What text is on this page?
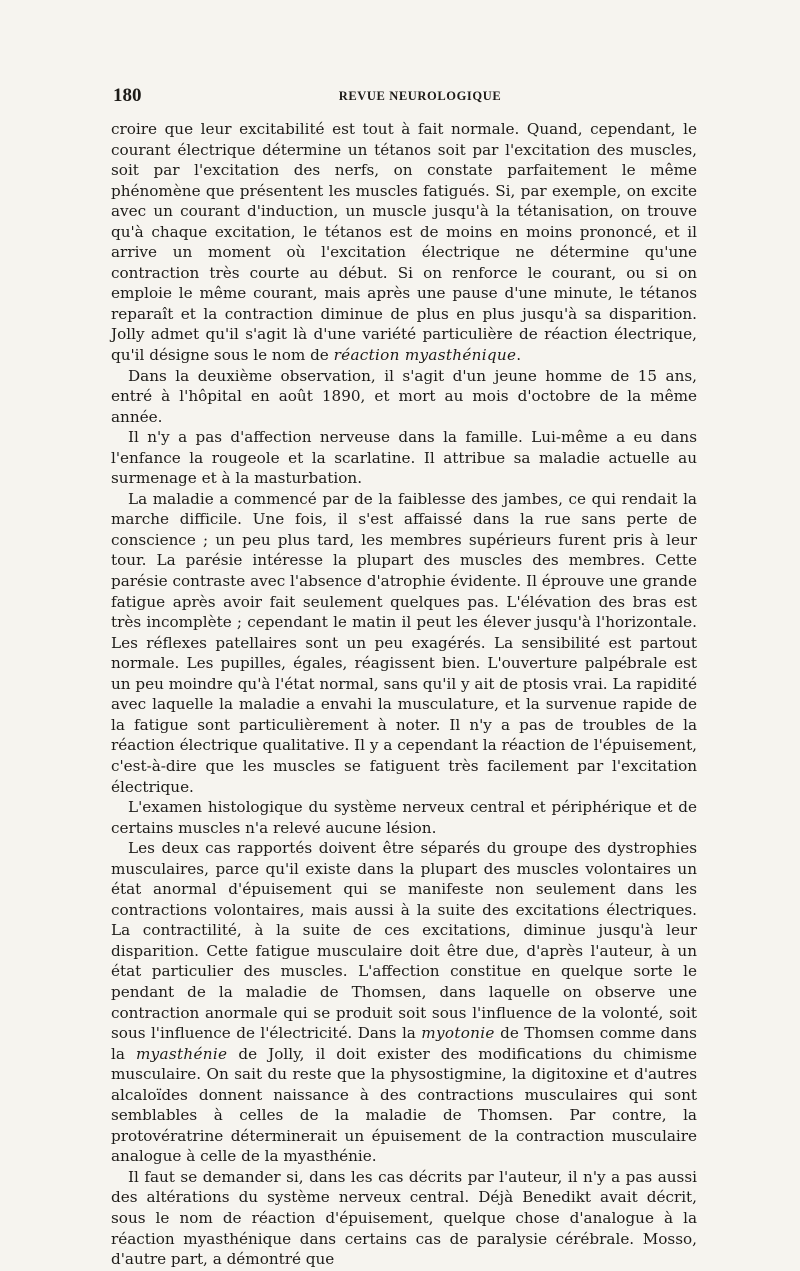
180	REVUE NEUROLOGIQUE

croire que leur excitabilité est tout à fait normale. Quand, cependant, le courant électrique détermine un tétanos soit par l'excitation des muscles, soit par l'excitation des nerfs, on constate parfaitement le même phénomène que présentent les muscles fatigués. Si, par exemple, on excite avec un courant d'induction, un muscle jusqu'à la tétanisation, on trouve qu'à chaque excitation, le tétanos est de moins en moins prononcé, et il arrive un moment où l'excitation électrique ne détermine qu'une contraction très courte au début. Si on renforce le courant, ou si on emploie le même courant, mais après une pause d'une minute, le tétanos reparaît et la contraction diminue de plus en plus jusqu'à sa disparition. Jolly admet qu'il s'agit là d'une variété particulière de réaction électrique, qu'il désigne sous le nom de réaction myasthénique.

Dans la deuxième observation, il s'agit d'un jeune homme de 15 ans, entré à l'hôpital en août 1890, et mort au mois d'octobre de la même année.

Il n'y a pas d'affection nerveuse dans la famille. Lui-même a eu dans l'enfance la rougeole et la scarlatine. Il attribue sa maladie actuelle au surmenage et à la masturbation.

La maladie a commencé par de la faiblesse des jambes, ce qui rendait la marche difficile. Une fois, il s'est affaissé dans la rue sans perte de conscience ; un peu plus tard, les membres supérieurs furent pris à leur tour. La parésie intéresse la plupart des muscles des membres. Cette parésie contraste avec l'absence d'atrophie évidente. Il éprouve une grande fatigue après avoir fait seulement quelques pas. L'élévation des bras est très incomplète ; cependant le matin il peut les élever jusqu'à l'horizontale. Les réflexes patellaires sont un peu exagérés. La sensibilité est partout normale. Les pupilles, égales, réagissent bien. L'ouverture palpébrale est un peu moindre qu'à l'état normal, sans qu'il y ait de ptosis vrai. La rapidité avec laquelle la maladie a envahi la musculature, et la survenue rapide de la fatigue sont particulièrement à noter. Il n'y a pas de troubles de la réaction électrique qualitative. Il y a cependant la réaction de l'épuisement, c'est-à-dire que les muscles se fatiguent très facilement par l'excitation électrique.

L'examen histologique du système nerveux central et périphérique et de certains muscles n'a relevé aucune lésion.

Les deux cas rapportés doivent être séparés du groupe des dystrophies musculaires, parce qu'il existe dans la plupart des muscles volontaires un état anormal d'épuisement qui se manifeste non seulement dans les contractions volontaires, mais aussi à la suite des excitations électriques. La contractilité, à la suite de ces excitations, diminue jusqu'à leur disparition. Cette fatigue musculaire doit être due, d'après l'auteur, à un état particulier des muscles. L'affection constitue en quelque sorte le pendant de la maladie de Thomsen, dans laquelle on observe une contraction anormale qui se produit soit sous l'influence de la volonté, soit sous l'influence de l'électricité. Dans la myotonie de Thomsen comme dans la myasthénie de Jolly, il doit exister des modifications du chimisme musculaire. On sait du reste que la physostigmine, la digitoxine et d'autres alcaloïdes donnent naissance à des contractions musculaires qui sont semblables à celles de la maladie de Thomsen. Par contre, la protovératrine déterminerait un épuisement de la contraction musculaire analogue à celle de la myasthénie.

Il faut se demander si, dans les cas décrits par l'auteur, il n'y a pas aussi des altérations du système nerveux central. Déjà Benedikt avait décrit, sous le nom de réaction d'épuisement, quelque chose d'analogue à la réaction myasthénique dans certains cas de paralysie cérébrale. Mosso, d'autre part, a démontré que
